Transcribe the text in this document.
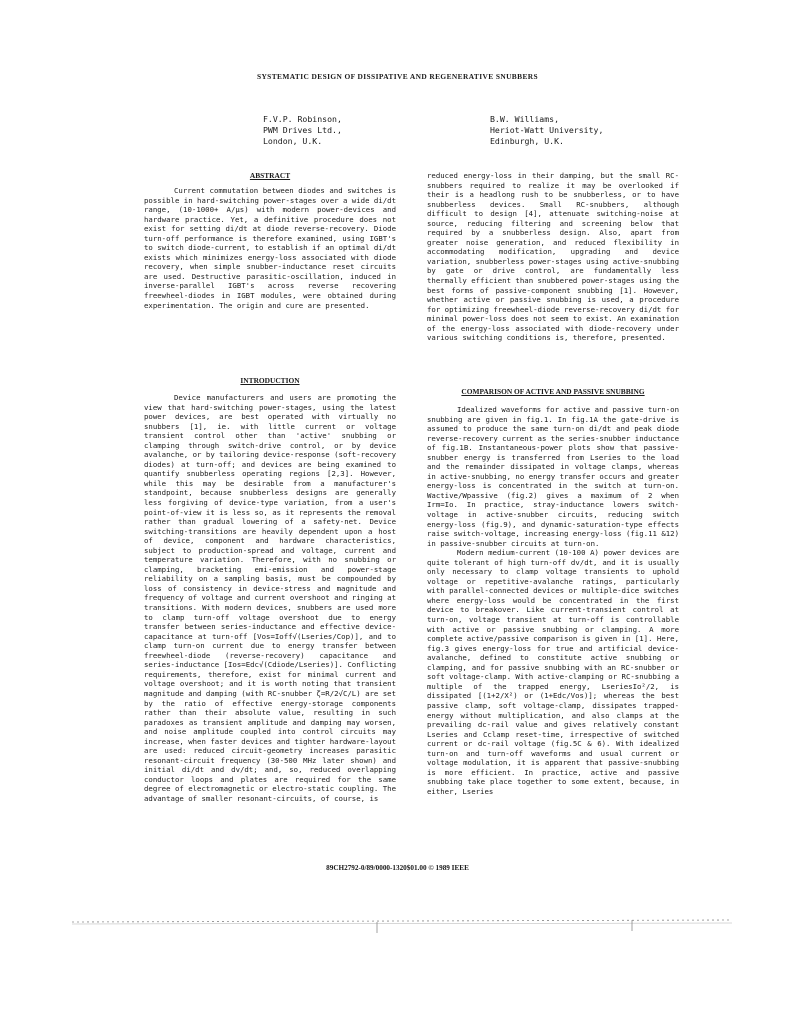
SYSTEMATIC DESIGN OF DISSIPATIVE AND REGENERATIVE SNUBBERS
F.V.P. Robinson,
PWM Drives Ltd.,
London, U.K.
B.W. Williams,
Heriot-Watt University,
Edinburgh, U.K.
ABSTRACT

Current commutation between diodes and switches is possible in hard-switching power-stages over a wide di/dt range, (10-1000+ A/µs) with modern power-devices and hardware practice. Yet, a definitive procedure does not exist for setting di/dt at diode reverse-recovery. Diode turn-off performance is therefore examined, using IGBT's to switch diode-current, to establish if an optimal di/dt exists which minimizes energy-loss associated with diode recovery, when simple snubber-inductance reset circuits are used. Destructive parasitic-oscillation, induced in inverse-parallel IGBT's across reverse recovering freewheel-diodes in IGBT modules, were obtained during experimentation. The origin and cure are presented.

INTRODUCTION

Device manufacturers and users are promoting the view that hard-switching power-stages, using the latest power devices, are best operated with virtually no snubbers [1], ie. with little current or voltage transient control other than 'active' snubbing or clamping through switch-drive control, or by device avalanche, or by tailoring device-response (soft-recovery diodes) at turn-off; and devices are being examined to quantify snubberless operating regions [2,3]. However, while this may be desirable from a manufacturer's standpoint, because snubberless designs are generally less forgiving of device-type variation, from a user's point-of-view it is less so, as it represents the removal rather than gradual lowering of a safety-net. Device switching-transitions are heavily dependent upon a host of device, component and hardware characteristics, subject to production-spread and voltage, current and temperature variation. Therefore, with no snubbing or clamping, bracketing emi-emission and power-stage reliability on a sampling basis, must be compounded by loss of consistency in device-stress and magnitude and frequency of voltage and current overshoot and ringing at transitions. With modern devices, snubbers are used more to clamp turn-off voltage overshoot due to energy transfer between series-inductance and effective device-capacitance at turn-off [Vos=Ioff√(Lseries/Cop)], and to clamp turn-on current due to energy transfer between freewheel-diode (reverse-recovery) capacitance and series-inductance [Ios=Edc√(Cdiode/Lseries)]. Conflicting requirements, therefore, exist for minimal current and voltage overshoot; and it is worth noting that transient magnitude and damping (with RC-snubber ζ=R/2√C/L) are set by the ratio of effective energy-storage components rather than their absolute value, resulting in such paradoxes as transient amplitude and damping may worsen, and noise amplitude coupled into control circuits may increase, when faster devices and tighter hardware-layout are used: reduced circuit-geometry increases parasitic resonant-circuit frequency (30-500 MHz later shown) and initial di/dt and dv/dt; and, so, reduced overlapping conductor loops and plates are required for the same degree of electromagnetic or electro-static coupling. The advantage of smaller resonant-circuits, of course, is

reduced energy-loss in their damping, but the small RC-snubbers required to realize it may be overlooked if their is a headlong rush to be snubberless, or to have snubberless devices. Small RC-snubbers, although difficult to design [4], attenuate switching-noise at source, reducing filtering and screening below that required by a snubberless design. Also, apart from greater noise generation, and reduced flexibility in accommodating modification, upgrading and device variation, snubberless power-stages using active-snubbing by gate or drive control, are fundamentally less thermally efficient than snubbered power-stages using the best forms of passive-component snubbing [1]. However, whether active or passive snubbing is used, a procedure for optimizing freewheel-diode reverse-recovery di/dt for minimal power-loss does not seem to exist. An examination of the energy-loss associated with diode-recovery under various switching conditions is, therefore, presented.

COMPARISON OF ACTIVE AND PASSIVE SNUBBING

Idealized waveforms for active and passive turn-on snubbing are given in fig.1. In fig.1A the gate-drive is assumed to produce the same turn-on di/dt and peak diode reverse-recovery current as the series-snubber inductance of fig.1B. Instantaneous-power plots show that passive-snubber energy is transferred from Lseries to the load and the remainder dissipated in voltage clamps, whereas in active-snubbing, no energy transfer occurs and greater energy-loss is concentrated in the switch at turn-on. Wactive/Wpassive (fig.2) gives a maximum of 2 when Irm=Io. In practice, stray-inductance lowers switch-voltage in active-snubber circuits, reducing switch energy-loss (fig.9), and dynamic-saturation-type effects raise switch-voltage, increasing energy-loss (fig.11 &12) in passive-snubber circuits at turn-on.

Modern medium-current (10-100 A) power devices are quite tolerant of high turn-off dv/dt, and it is usually only necessary to clamp voltage transients to uphold voltage or repetitive-avalanche ratings, particularly with parallel-connected devices or multiple-dice switches where energy-loss would be concentrated in the first device to breakover. Like current-transient control at turn-on, voltage transient at turn-off is controllable with active or passive snubbing or clamping. A more complete active/passive comparison is given in [1]. Here, fig.3 gives energy-loss for true and artificial device-avalanche, defined to constitute active snubbing or clamping, and for passive snubbing with an RC-snubber or soft voltage-clamp. With active-clamping or RC-snubbing a multiple of the trapped energy, LseriesIo²/2, is dissipated [(1+2/X²) or (1+Edc/Vos)]; whereas the best passive clamp, soft voltage-clamp, dissipates trapped-energy without multiplication, and also clamps at the prevailing dc-rail value and gives relatively constant Lseries and Cclamp reset-time, irrespective of switched current or dc-rail voltage (fig.5C & 6). With idealized turn-on and turn-off waveforms and usual current or voltage modulation, it is apparent that passive-snubbing is more efficient. In practice, active and passive snubbing take place together to some extent, because, in either, Lseries

89CH2792-0/89/0000-1320$01.00 © 1989 IEEE
